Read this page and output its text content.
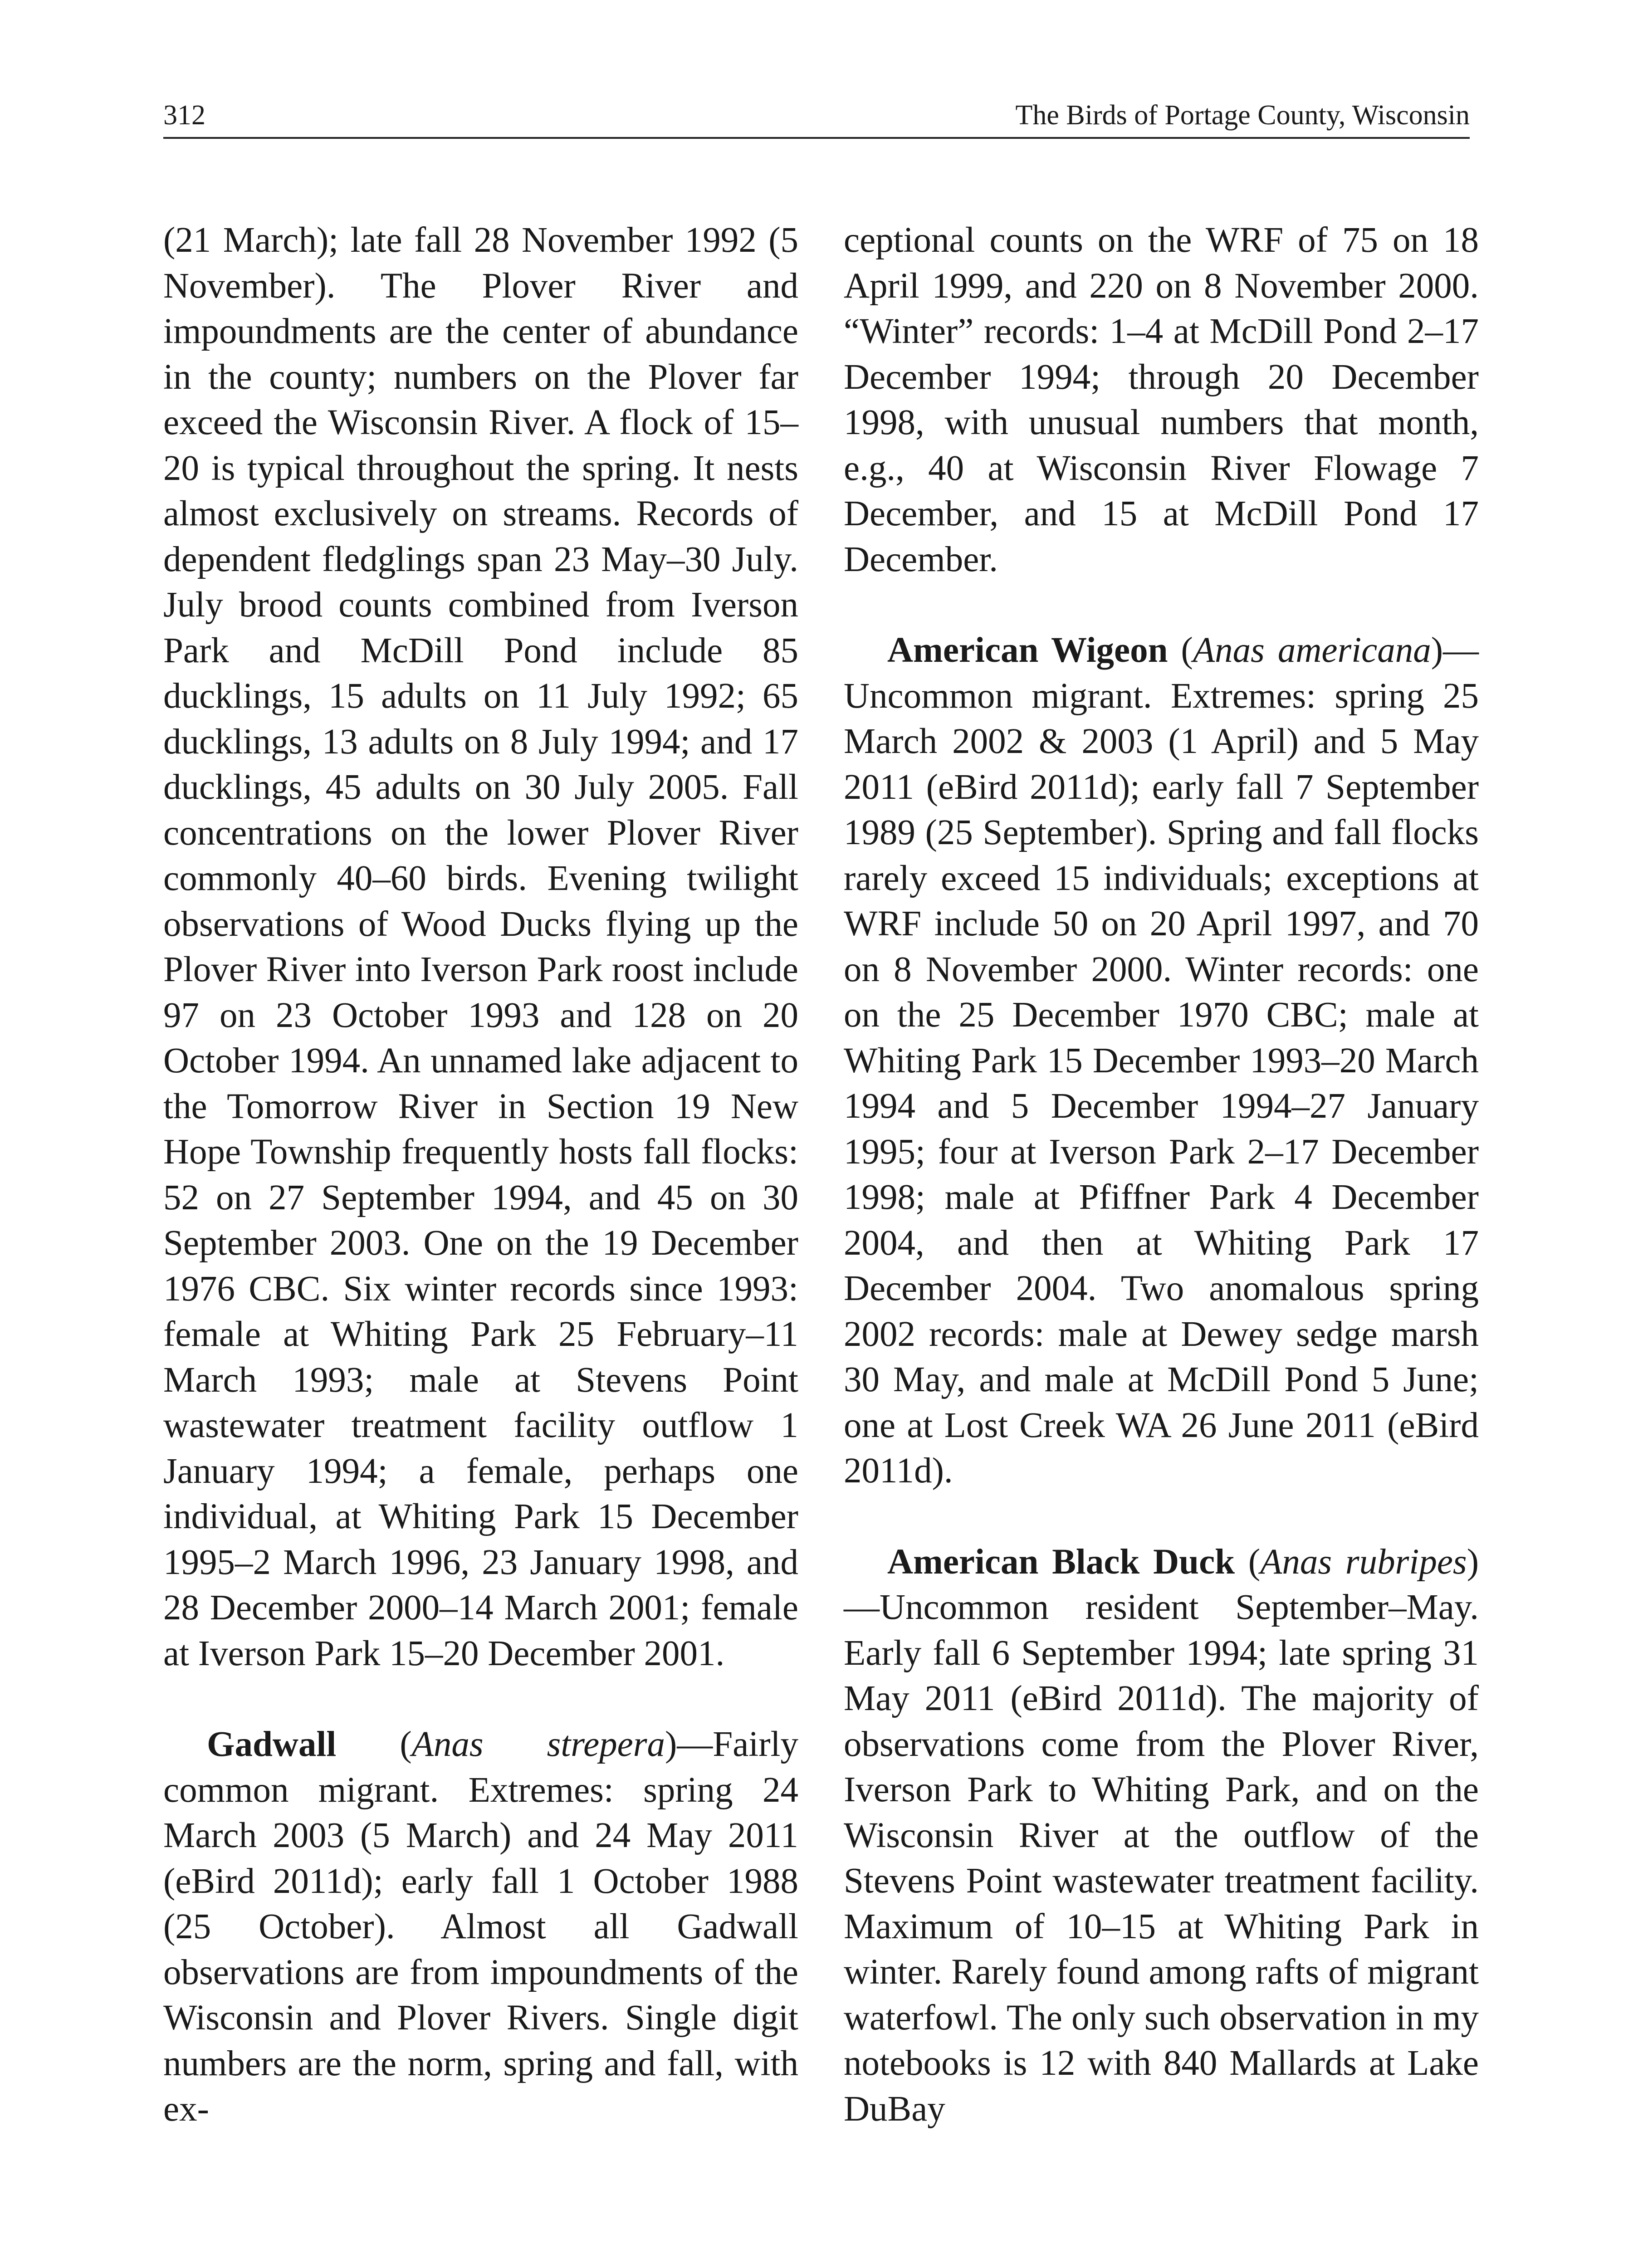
312	The Birds of Portage County, Wisconsin

(21 March); late fall 28 November 1992 (5 November). The Plover River and impoundments are the center of abundance in the county; numbers on the Plover far exceed the Wisconsin River. A flock of 15–20 is typical throughout the spring. It nests almost exclusively on streams. Records of dependent fledglings span 23 May–30 July. July brood counts combined from Iverson Park and McDill Pond include 85 ducklings, 15 adults on 11 July 1992; 65 ducklings, 13 adults on 8 July 1994; and 17 ducklings, 45 adults on 30 July 2005. Fall concentrations on the lower Plover River commonly 40–60 birds. Evening twilight observations of Wood Ducks flying up the Plover River into Iverson Park roost include 97 on 23 October 1993 and 128 on 20 October 1994. An unnamed lake adjacent to the Tomorrow River in Section 19 New Hope Township frequently hosts fall flocks: 52 on 27 September 1994, and 45 on 30 September 2003. One on the 19 December 1976 CBC. Six winter records since 1993: female at Whiting Park 25 February–11 March 1993; male at Stevens Point wastewater treatment facility outflow 1 January 1994; a female, perhaps one individual, at Whiting Park 15 December 1995–2 March 1996, 23 January 1998, and 28 December 2000–14 March 2001; female at Iverson Park 15–20 December 2001.

Gadwall (Anas strepera)—Fairly common migrant. Extremes: spring 24 March 2003 (5 March) and 24 May 2011 (eBird 2011d); early fall 1 October 1988 (25 October). Almost all Gadwall observations are from impoundments of the Wisconsin and Plover Rivers. Single digit numbers are the norm, spring and fall, with ex-

ceptional counts on the WRF of 75 on 18 April 1999, and 220 on 8 November 2000. “Winter” records: 1–4 at McDill Pond 2–17 December 1994; through 20 December 1998, with unusual numbers that month, e.g., 40 at Wisconsin River Flowage 7 December, and 15 at McDill Pond 17 December.

American Wigeon (Anas americana)—Uncommon migrant. Extremes: spring 25 March 2002 & 2003 (1 April) and 5 May 2011 (eBird 2011d); early fall 7 September 1989 (25 September). Spring and fall flocks rarely exceed 15 individuals; exceptions at WRF include 50 on 20 April 1997, and 70 on 8 November 2000. Winter records: one on the 25 December 1970 CBC; male at Whiting Park 15 December 1993–20 March 1994 and 5 December 1994–27 January 1995; four at Iverson Park 2–17 December 1998; male at Pfiffner Park 4 December 2004, and then at Whiting Park 17 December 2004. Two anomalous spring 2002 records: male at Dewey sedge marsh 30 May, and male at McDill Pond 5 June; one at Lost Creek WA 26 June 2011 (eBird 2011d).

American Black Duck (Anas rubripes)—Uncommon resident September–May. Early fall 6 September 1994; late spring 31 May 2011 (eBird 2011d). The majority of observations come from the Plover River, Iverson Park to Whiting Park, and on the Wisconsin River at the outflow of the Stevens Point wastewater treatment facility. Maximum of 10–15 at Whiting Park in winter. Rarely found among rafts of migrant waterfowl. The only such observation in my notebooks is 12 with 840 Mallards at Lake DuBay
